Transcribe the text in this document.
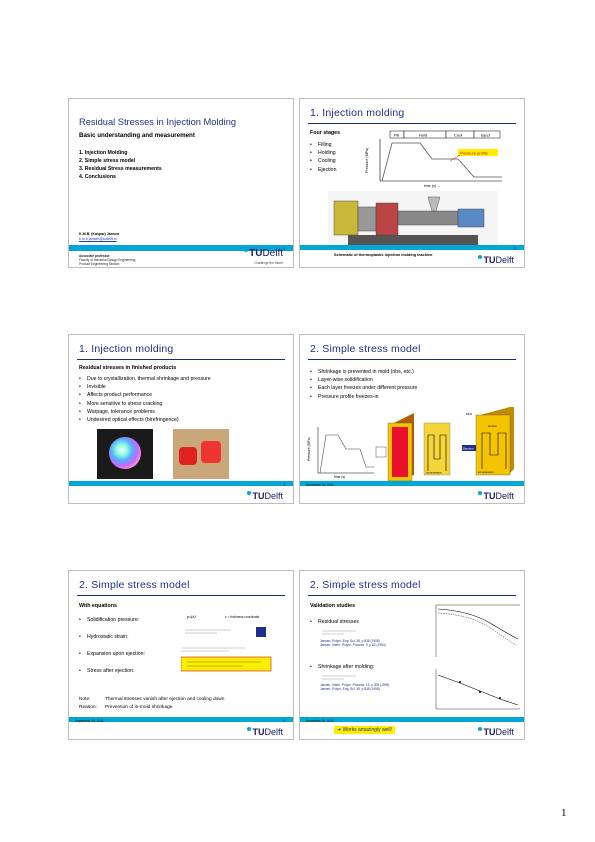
Residual Stresses in Injection Molding
Basic understanding and measurement
1. Injection Molding
2. Simple stress model
3. Residual Stress measurements
4. Conclusions
K.M.B. (Kaspar) Jansen
k.m.b.jansen@tudelft.nl
1
Associate professor
Faculty of Industrial Design Engineering
Product Engineering Section
TUDelft
Challenge the future
1. Injection molding
Four stages
• Filling
• Holding
• Cooling
• Ejection
Fill	Hold	Cool	Eject
Pressure (MPa)
time (s) →
Pressure profile
Schematic of thermoplastic injection molding machine
2
TUDelft
1. Injection molding
Residual stresses in finished products
• Due to crystallization, thermal shrinkage and pressure
• Invisible
• Affects product performance
• More sensitive to stress cracking
• Warpage, tolerance problems
• Undesired optical effects (birefringence)
3
TUDelft
2. Simple stress model
• Shrinkage is prevented in mold (ribs, etc.)
• Layer-wise solidification
• Each layer freezes under different pressure
• Pressure profile freezes-in
Pressure (MPa)
time (s)
compression
Ejection
tension
compression
MPa
November 29, 2011
TUDelft
2. Simple stress model
With equations
• Solidification pressure:
• Hydrostatic strain:
• Expansion upon ejection:
• Stress after ejection:
pₛ(z)	z = thickness coordinate
Note:	Thermal stresses vanish after ejection and cooling down
Reason: Prevention of in-mold shrinkage
September 23, 2011	5
TUDelft
2. Simple stress model
Validation studies
• Residual stresses
Jansen, Polym. Eng. Sci. 38, p.838 (1998)
Jansen, Intern. Polym. Process. 9, p.82 (1994)
• Shrinkage after molding:
Jansen, Intern. Polym. Process. 13, p.309 (1998)
Jansen, Polym. Eng. Sci. 38, p.838 (1998)
➔ Works amazingly well!
November 29, 2011
TUDelft
1
